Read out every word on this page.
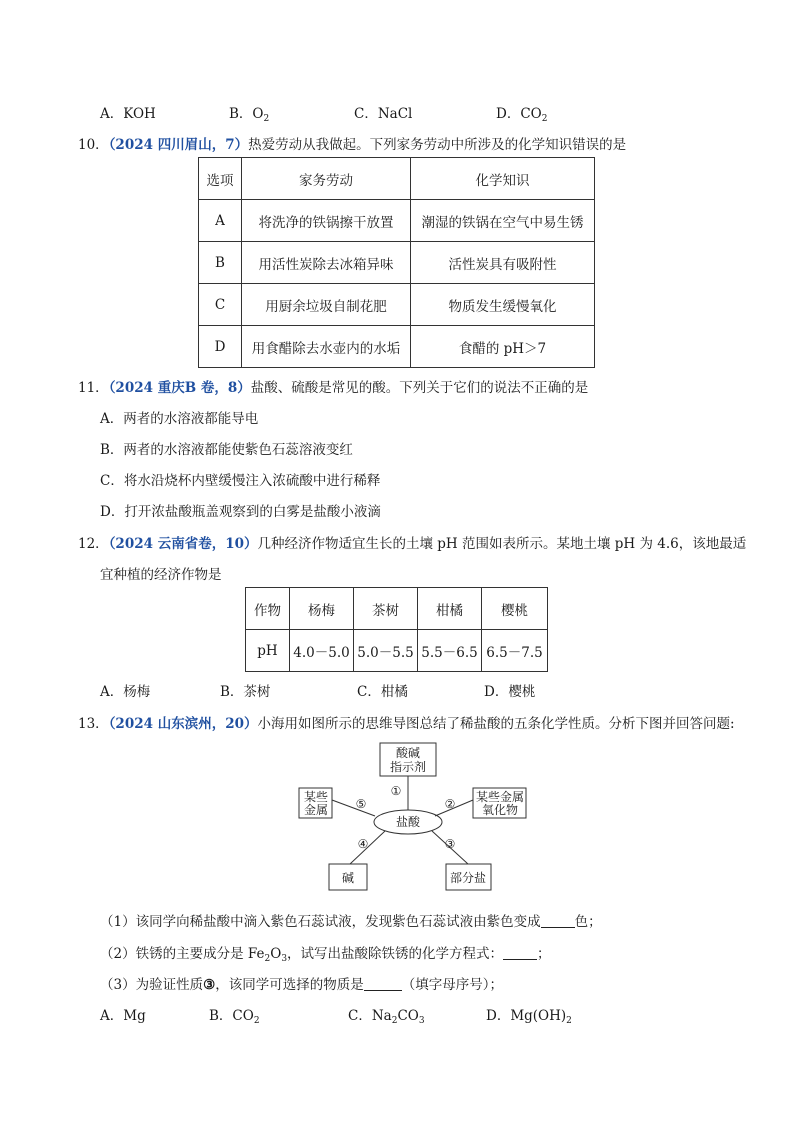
A．KOH	B．$O_2$	C．NaCl	D．$CO_2$
10．（2024 四川眉山，7）热爱劳动从我做起。下列家务劳动中所涉及的化学知识错误的是
选项	家务劳动	化学知识
A	将洗净的铁锅擦干放置	潮湿的铁锅在空气中易生锈
B	用活性炭除去冰箱异味	活性炭具有吸附性
C	用厨余垃圾自制花肥	物质发生缓慢氧化
D	用食醋除去水壶内的水垢	食醋的 pH＞7
11．（2024 重庆B 卷，8）盐酸、硫酸是常见的酸。下列关于它们的说法不正确的是
A．两者的水溶液都能导电
B．两者的水溶液都能使紫色石蕊溶液变红
C．将水沿烧杯内壁缓慢注入浓硫酸中进行稀释
D．打开浓盐酸瓶盖观察到的白雾是盐酸小液滴
12．（2024 云南省卷，10）几种经济作物适宜生长的土壤 pH 范围如表所示。某地土壤 pH 为 4.6，该地最适
宜种植的经济作物是
作物	杨梅	茶树	柑橘	樱桃
pH	4.0－5.0	5.0－5.5	5.5－6.5	6.5－7.5
A．杨梅	B．茶树	C．柑橘	D．樱桃
13．（2024 山东滨州，20）小海用如图所示的思维导图总结了稀盐酸的五条化学性质。分析下图并回答问题:
酸碱
指示剂
某些金属
氧化物
某些
金属
碱	部分盐
盐酸
①
②
③
④
⑤
（1）该同学向稀盐酸中滴入紫色石蕊试液，发现紫色石蕊试液由紫色变成	色；
（2）铁锈的主要成分是 $Fe_2O_3$，试写出盐酸除铁锈的化学方程式：	；
（3）为验证性质③，该同学可选择的物质是	（填字母序号）；
A．Mg	B．$CO_2$	C．$Na_2CO_3$	D．$Mg(OH)_2$
